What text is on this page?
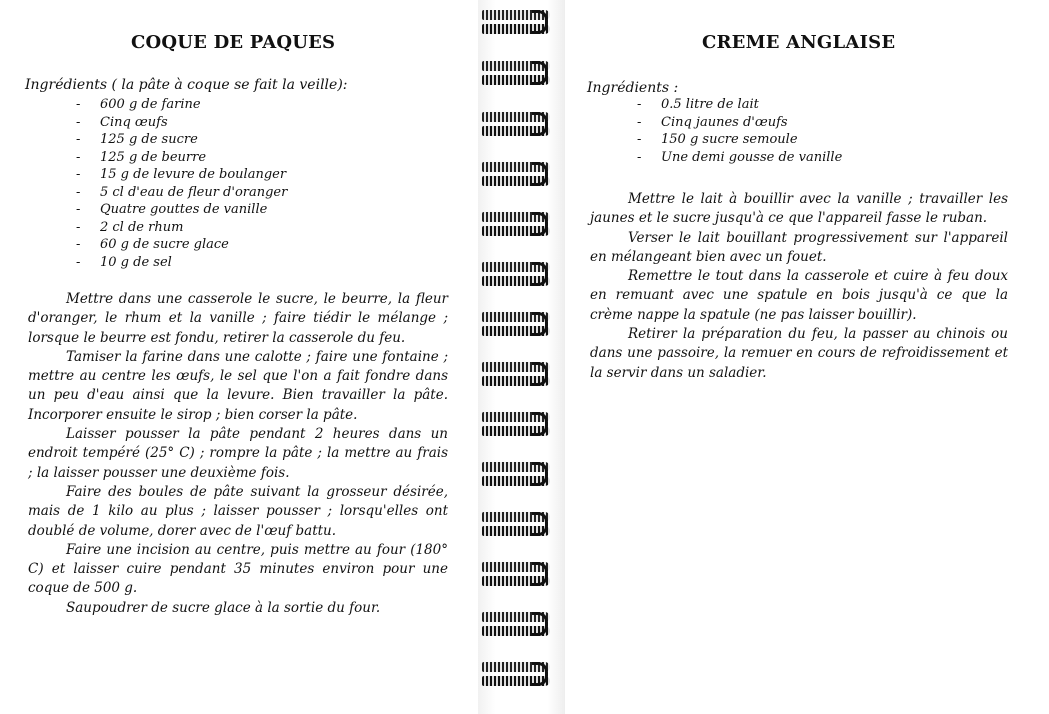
COQUE DE PAQUES
Ingrédients ( la pâte à coque se fait la veille):
- 600 g de farine
- Cinq œufs
- 125 g de sucre
- 125 g de beurre
- 15 g de levure de boulanger
- 5 cl d'eau de fleur d'oranger
- Quatre gouttes de vanille
- 2 cl de rhum
- 60 g de sucre glace
- 10 g de sel

Mettre dans une casserole le sucre, le beurre, la fleur d'oranger, le rhum et la vanille ; faire tiédir le mélange ; lorsque le beurre est fondu, retirer la casserole du feu.

Tamiser la farine dans une calotte ; faire une fontaine ; mettre au centre les œufs, le sel que l'on a fait fondre dans un peu d'eau ainsi que la levure. Bien travailler la pâte. Incorporer ensuite le sirop ; bien corser la pâte.

Laisser pousser la pâte pendant 2 heures dans un endroit tempéré (25° C) ; rompre la pâte ; la mettre au frais ; la laisser pousser une deuxième fois.

Faire des boules de pâte suivant la grosseur désirée, mais de 1 kilo au plus ; laisser pousser ; lorsqu'elles ont doublé de volume, dorer avec de l'œuf battu.

Faire une incision au centre, puis mettre au four (180° C) et laisser cuire pendant 35 minutes environ pour une coque de 500 g.

Saupoudrer de sucre glace à la sortie du four.

CREME ANGLAISE
Ingrédients :
- 0.5 litre de lait
- Cinq jaunes d'œufs
- 150 g sucre semoule
- Une demi gousse de vanille

Mettre le lait à bouillir avec la vanille ; travailler les jaunes et le sucre jusqu'à ce que l'appareil fasse le ruban.

Verser le lait bouillant progressivement sur l'appareil en mélangeant bien avec un fouet.

Remettre le tout dans la casserole et cuire à feu doux en remuant avec une spatule en bois jusqu'à ce que la crème nappe la spatule (ne pas laisser bouillir).

Retirer la préparation du feu, la passer au chinois ou dans une passoire, la remuer en cours de refroidissement et la servir dans un saladier.
